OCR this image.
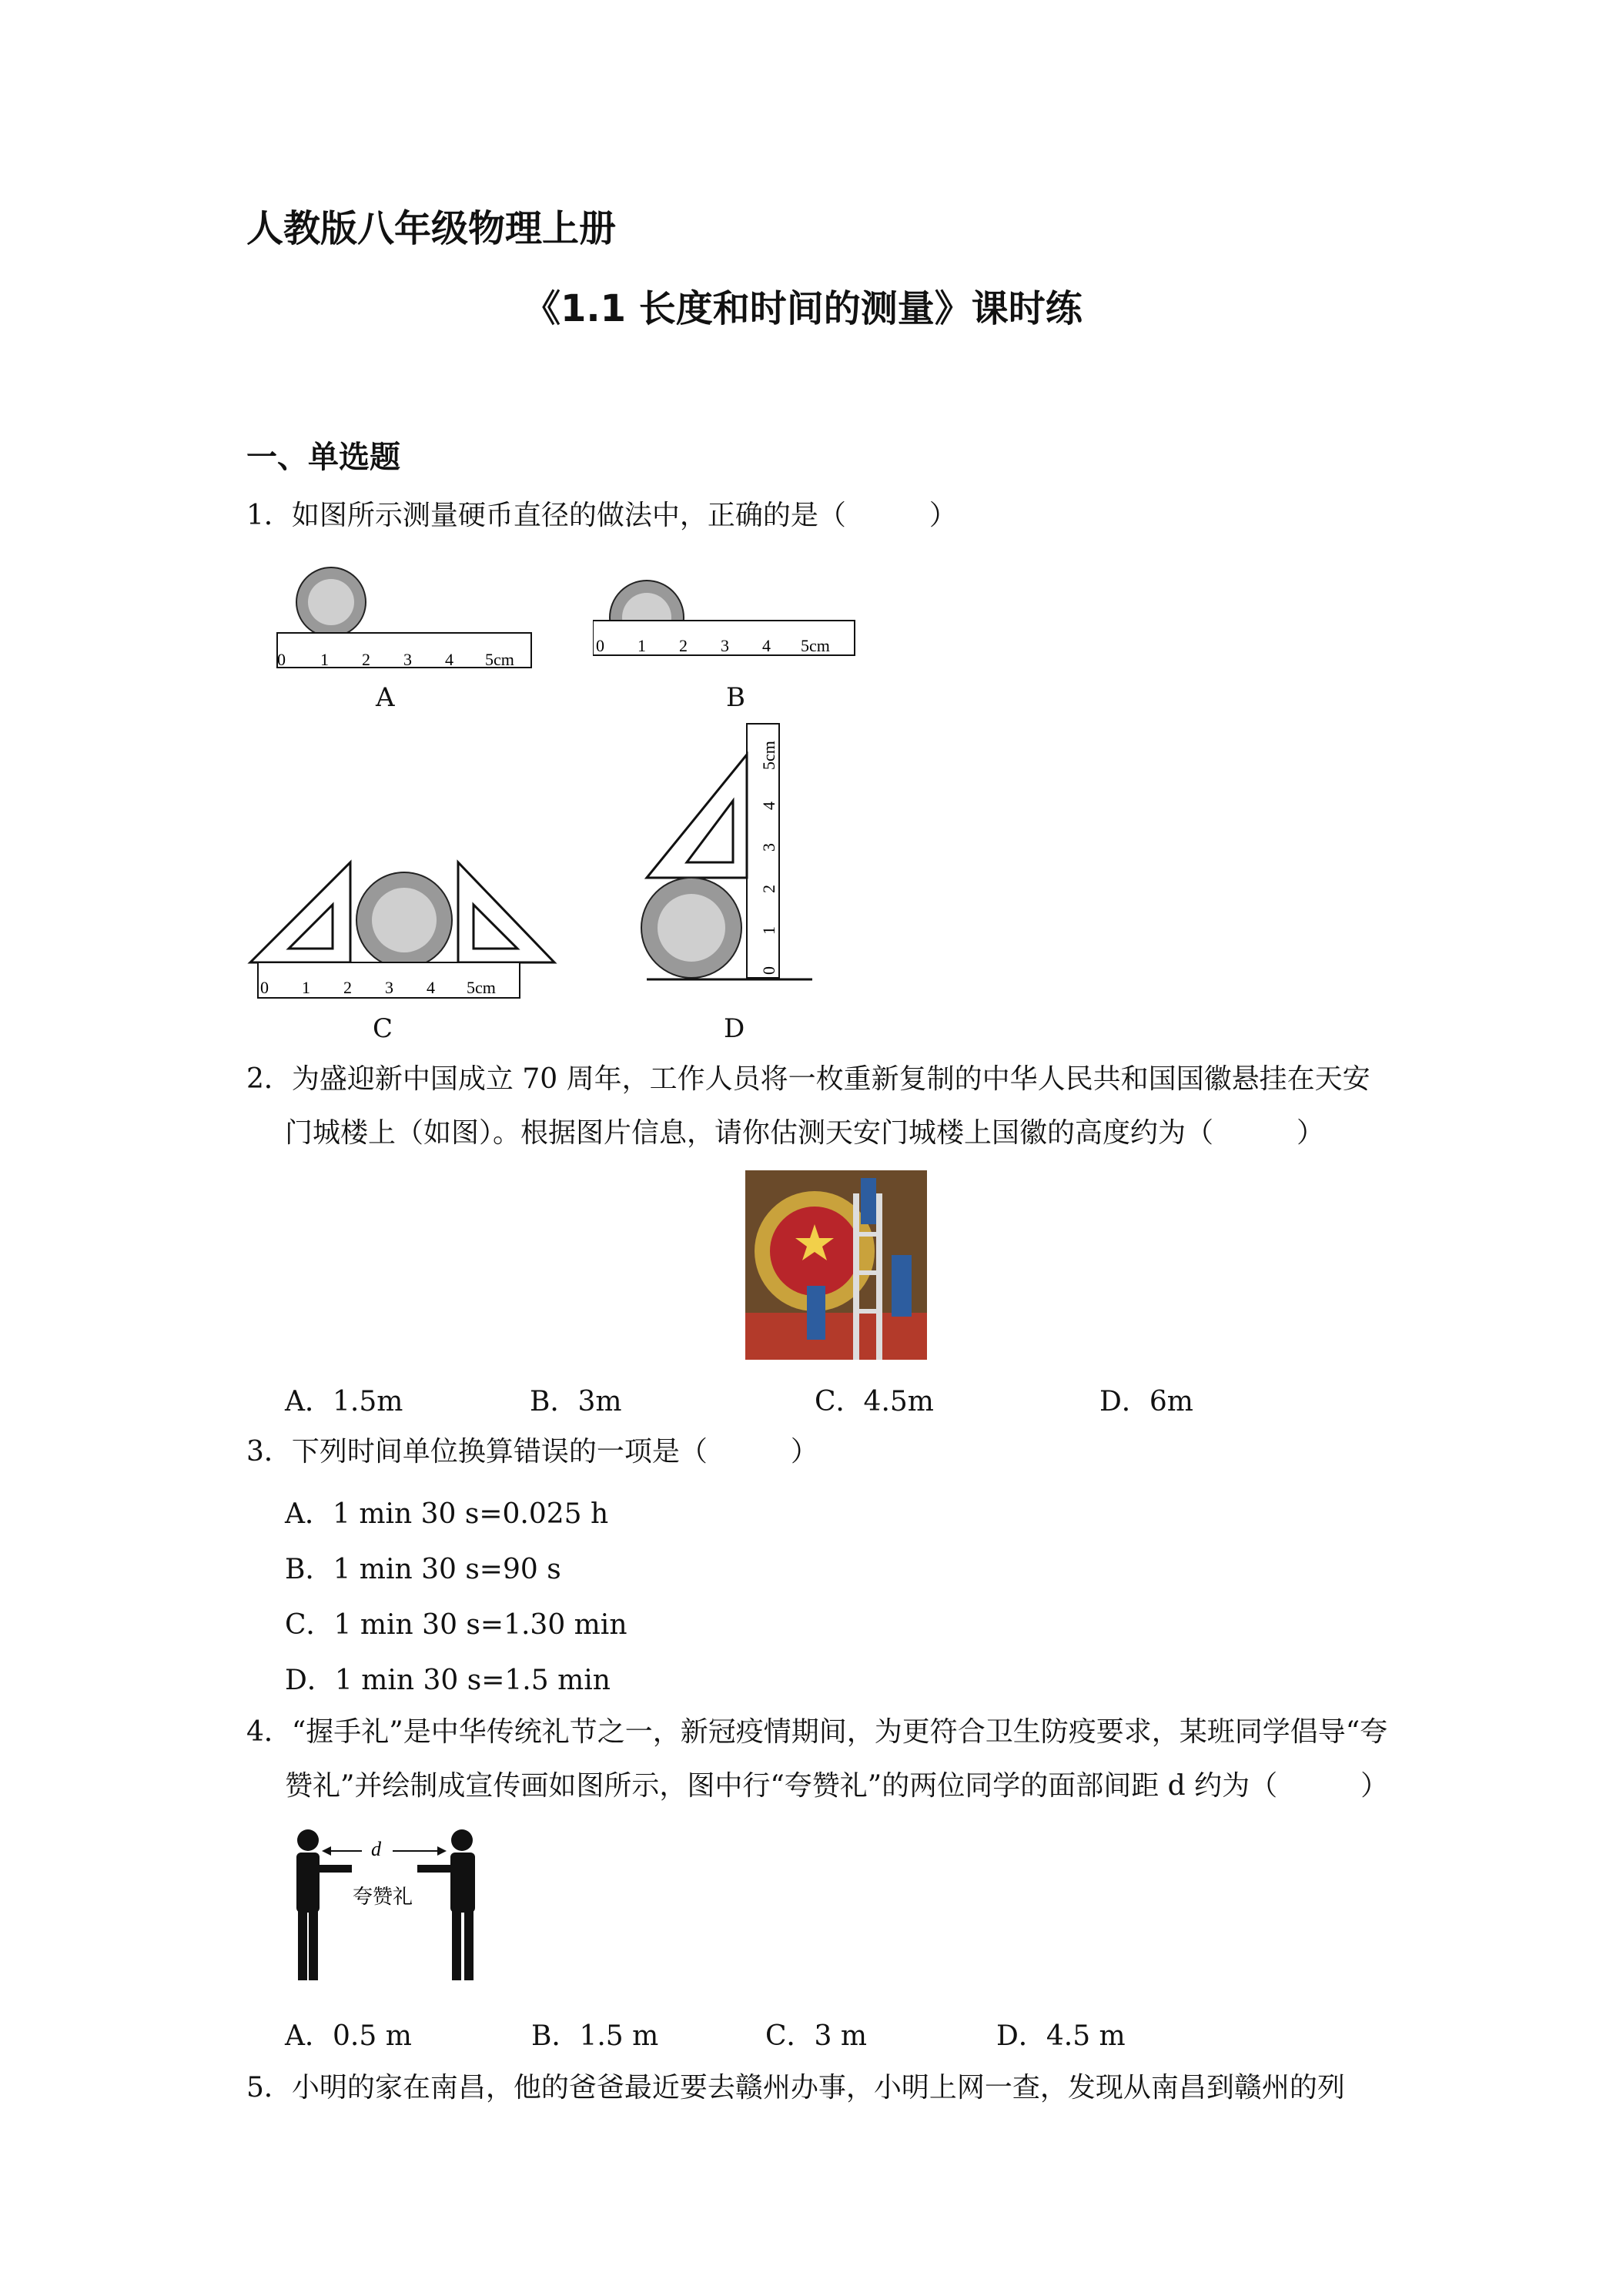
人教版八年级物理上册
《1.1 长度和时间的测量》课时练
一、单选题
1．如图所示测量硬币直径的做法中，正确的是（　　　）
0 1 2 3 4 5cm
A
0 1 2 3 4 5cm
B
0 1 2 3 4 5cm
C
0
1
2
3
4
5cm
D
2．为盛迎新中国成立 70 周年，工作人员将一枚重新复制的中华人民共和国国徽悬挂在天安
门城楼上（如图）。根据图片信息，请你估测天安门城楼上国徽的高度约为（　　　）
A．1.5m	B．3m	C．4.5m	D．6m
3．下列时间单位换算错误的一项是（　　　）
A．1 min 30 s=0.025 h
B．1 min 30 s=90 s
C．1 min 30 s=1.30 min
D．1 min 30 s=1.5 min
4．“握手礼”是中华传统礼节之一，新冠疫情期间，为更符合卫生防疫要求，某班同学倡导“夸
赞礼”并绘制成宣传画如图所示，图中行“夸赞礼”的两位同学的面部间距 d 约为（　　　）
d
夸赞礼
A．0.5 m	B．1.5 m	C．3 m	D．4.5 m
5．小明的家在南昌，他的爸爸最近要去赣州办事，小明上网一查，发现从南昌到赣州的列
